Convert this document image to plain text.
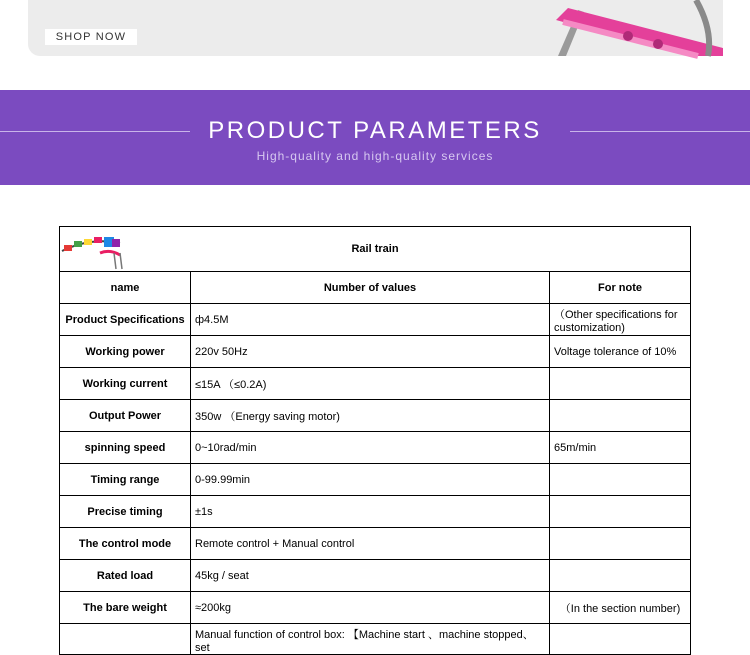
SHOP NOW
PRODUCT PARAMETERS
High-quality and high-quality services
Rail train		
name	Number of values	For note
Product Specifications	ф4.5M	（Other specifications for customization)
Working power	220v 50Hz	Voltage tolerance of 10%
Working current	≤15A （≤0.2A)	
Output Power	350w （Energy saving motor)	
spinning speed	0~10rad/min	65m/min
Timing range	0-99.99min	
Precise timing	±1s	
The control mode	Remote control + Manual control	
Rated load	45kg / seat	
The bare weight	≈200kg	（In the section number)
	Manual function of control box: 【Machine start 、machine stopped、set	
